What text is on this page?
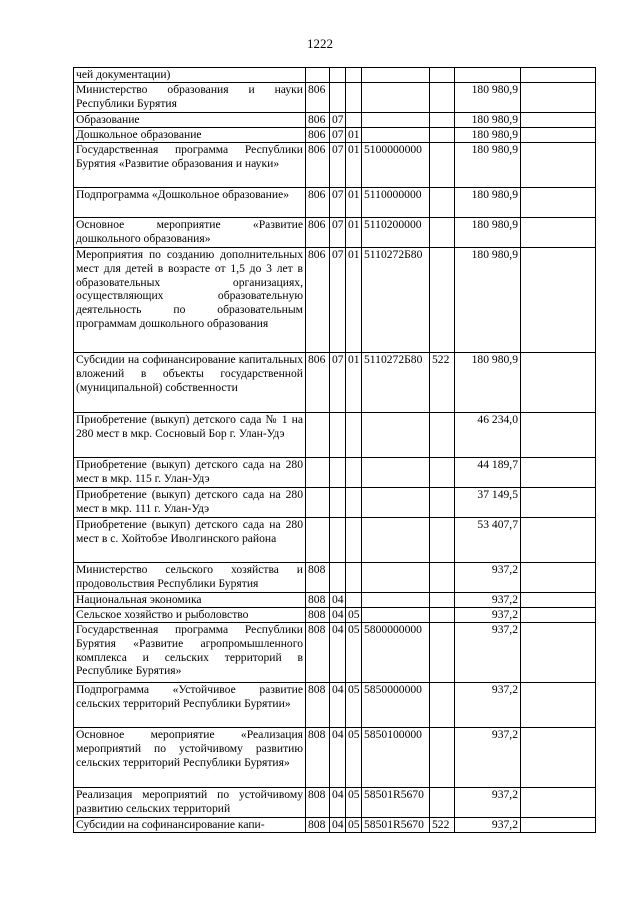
1222
чей документации)							
Министерство образования и науки Республики Бурятия	806					180 980,9	
Образование	806	07				180 980,9	
Дошкольное образование	806	07	01			180 980,9	
Государственная программа Республики Бурятия «Развитие образования и науки»	806	07	01	5100000000		180 980,9	
Подпрограмма «Дошкольное образование»	806	07	01	5110000000		180 980,9	
Основное мероприятие «Развитие дошкольного образования»	806	07	01	5110200000		180 980,9	
Мероприятия по созданию дополнительных мест для детей в возрасте от 1,5 до 3 лет в образовательных организациях, осуществляющих образовательную деятельность по образовательным программам дошкольного образования	806	07	01	5110272Б80		180 980,9	
Субсидии на софинансирование капитальных вложений в объекты государственной (муниципальной) собственности	806	07	01	5110272Б80	522	180 980,9	
Приобретение (выкуп) детского сада № 1 на 280 мест в мкр. Сосновый Бор г. Улан-Удэ						46 234,0	
Приобретение (выкуп) детского сада на 280 мест в мкр. 115 г. Улан-Удэ						44 189,7	
Приобретение (выкуп) детского сада на 280 мест в мкр. 111 г. Улан-Удэ						37 149,5	
Приобретение (выкуп) детского сада на 280 мест в с. Хойтобэе Иволгинского района						53 407,7	
Министерство сельского хозяйства и продовольствия Республики Бурятия	808					937,2	
Национальная экономика	808	04				937,2	
Сельское хозяйство и рыболовство	808	04	05			937,2	
Государственная программа Республики Бурятия «Развитие агропромышленного комплекса и сельских территорий в Республике Бурятия»	808	04	05	5800000000		937,2	
Подпрограмма «Устойчивое развитие сельских территорий Республики Бурятии»	808	04	05	5850000000		937,2	
Основное мероприятие «Реализация мероприятий по устойчивому развитию сельских территорий Республики Бурятия»	808	04	05	5850100000		937,2	
Реализация мероприятий по устойчивому развитию сельских территорий	808	04	05	58501R5670		937,2	
Субсидии на софинансирование капи-	808	04	05	58501R5670	522	937,2	
